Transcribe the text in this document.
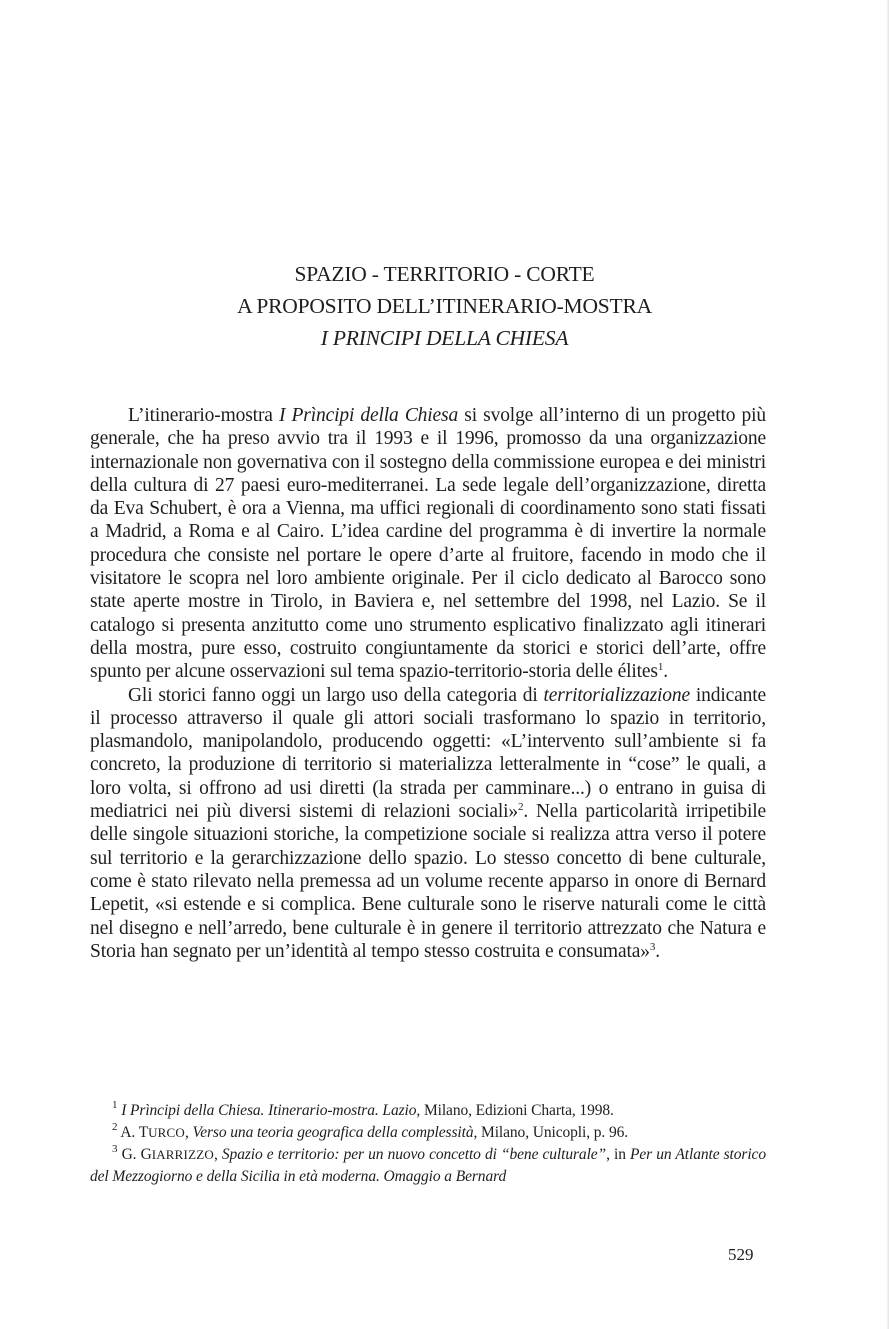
SPAZIO - TERRITORIO - CORTE
A PROPOSITO DELL’ITINERARIO-MOSTRA
I PRINCIPI DELLA CHIESA

L’itinerario-mostra I Prìncipi della Chiesa si svolge all’interno di un progetto più generale, che ha preso avvio tra il 1993 e il 1996, promosso da una organizzazione internazionale non governativa con il sostegno della commissione europea e dei ministri della cultura di 27 paesi euro-mediterranei. La sede legale dell’organizzazione, diretta da Eva Schubert, è ora a Vienna, ma uffici regionali di coordinamento sono stati fissati a Madrid, a Roma e al Cairo. L’idea cardine del programma è di invertire la normale procedura che consiste nel portare le opere d’arte al fruitore, facendo in modo che il visitatore le scopra nel loro ambiente originale. Per il ciclo dedicato al Barocco sono state aperte mostre in Tirolo, in Baviera e, nel settembre del 1998, nel Lazio. Se il catalogo si presenta anzitutto come uno strumento esplicativo finalizzato agli itinerari della mostra, pure esso, costruito congiuntamente da storici e storici dell’arte, offre spunto per alcune osservazioni sul tema spazio-territorio-storia delle élites$^1$.

Gli storici fanno oggi un largo uso della categoria di territorializzazione indicante il processo attraverso il quale gli attori sociali trasformano lo spazio in territorio, plasmandolo, manipolandolo, producendo oggetti: «L’intervento sull’ambiente si fa concreto, la produzione di territorio si materializza letteralmente in “cose” le quali, a loro volta, si offrono ad usi diretti (la strada per camminare...) o entrano in guisa di mediatrici nei più diversi sistemi di relazioni sociali»$^2$. Nella particolarità irripetibile delle singole situazioni storiche, la competizione sociale si realizza attra verso il potere sul territorio e la gerarchizzazione dello spazio. Lo stesso concetto di bene culturale, come è stato rilevato nella premessa ad un volume recente apparso in onore di Bernard Lepetit, «si estende e si complica. Bene culturale sono le riserve naturali come le città nel disegno e nell’arredo, bene culturale è in genere il territorio attrezzato che Natura e Storia han segnato per un’identità al tempo stesso costruita e consumata»$^3$.

$^1$ I Prìncipi della Chiesa. Itinerario-mostra. Lazio, Milano, Edizioni Charta, 1998.

$^2$ A. TURCO, Verso una teoria geografica della complessità, Milano, Unicopli, p. 96.

$^3$ G. GIARRIZZO, Spazio e territorio: per un nuovo concetto di “bene culturale”, in Per un Atlante storico del Mezzogiorno e della Sicilia in età moderna. Omaggio a Bernard

529
